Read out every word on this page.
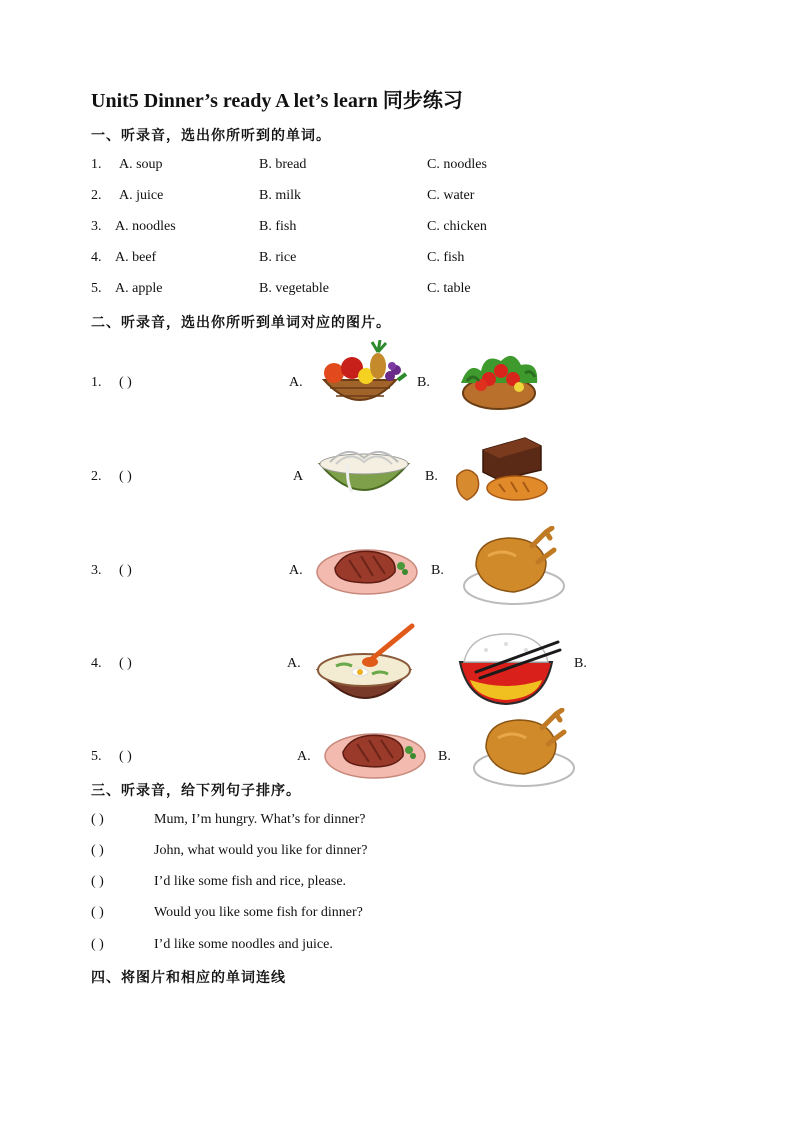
Unit5 Dinner’s ready A let’s learn 同步练习
一、听录音，选出你所听到的单词。
1. A. soup	B. bread	C. noodles
2. A. juice	B. milk	C. water
3. A. noodles	B. fish	C. chicken
4. A. beef	B. rice	C. fish
5. A. apple	B. vegetable	C. table
二、听录音，选出你所听到单词对应的图片。
1. ( )	A.	B.
2. ( )	A	B.
3. ( )	A.	B.
4. ( )	A.	B.
5. ( )	A.	B.
三、听录音，给下列句子排序。
( )	Mum, I’m hungry. What’s for dinner?
( )	John, what would you like for dinner?
( )	I’d like some fish and rice, please.
( )	Would you like some fish for dinner?
( )	I’d like some noodles and juice.
四、将图片和相应的单词连线
